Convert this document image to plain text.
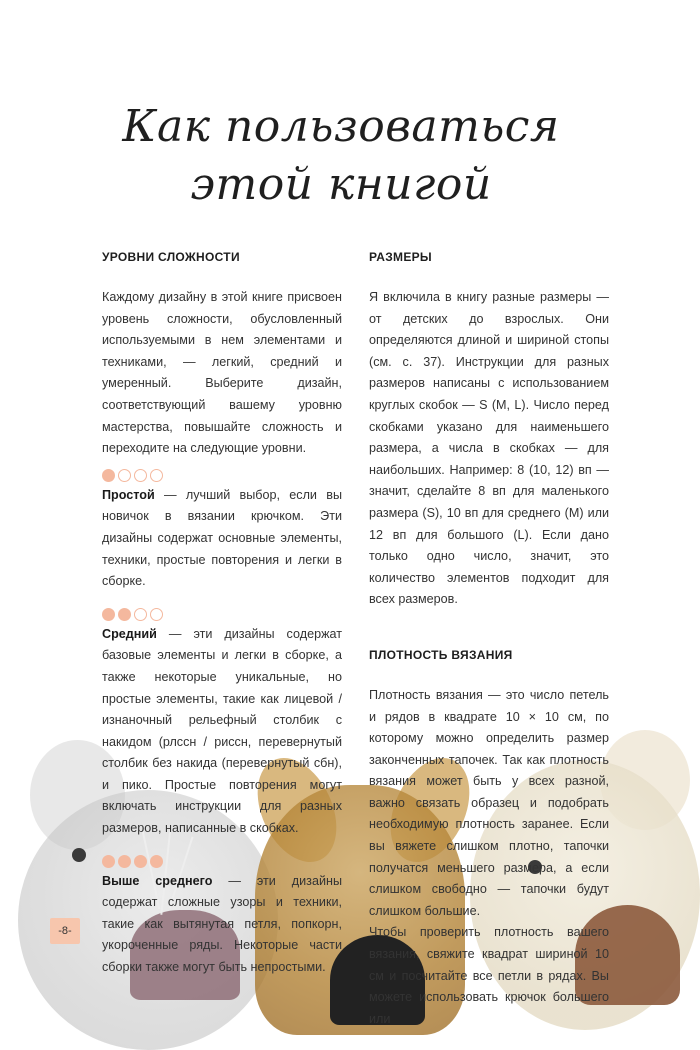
Как пользоваться
этой книгой
УРОВНИ СЛОЖНОСТИ

Каждому дизайну в этой книге присвоен уровень сложности, обусловленный используемыми в нем элементами и техниками, — легкий, средний и умеренный. Выберите дизайн, соответствующий вашему уровню мастерства, повышайте сложность и переходите на следующие уровни.

Простой — лучший выбор, если вы новичок в вязании крючком. Эти дизайны содержат основные элементы, техники, простые повторения и легки в сборке.

Средний — эти дизайны содержат базовые элементы и легки в сборке, а также некоторые уникальные, но простые элементы, такие как лицевой / изнаночный рельефный столбик с накидом (рлссн / рисcн, перевернутый столбик без накида (перевернутый сбн), и пико. Простые повторения могут включать инструкции для разных размеров, написанные в скобках.

Выше среднего — эти дизайны содержат сложные узоры и техники, такие как вытянутая петля, попкорн, укороченные ряды. Некоторые части сборки также могут быть непростыми.

РАЗМЕРЫ

Я включила в книгу разные размеры — от детских до взрослых. Они определяются длиной и шириной стопы (см. с. 37). Инструкции для разных размеров написаны с использованием круглых скобок — S (M, L). Число перед скобками указано для наименьшего размера, а числа в скобках — для наибольших. Например: 8 (10, 12) вп — значит, сделайте 8 вп для маленького размера (S), 10 вп для среднего (M) или 12 вп для большого (L). Если дано только одно число, значит, это количество элементов подходит для всех размеров.

ПЛОТНОСТЬ ВЯЗАНИЯ

Плотность вязания — это число петель и рядов в квадрате 10 × 10 см, по которому можно определить размер законченных тапочек. Так как плотность вязания может быть у всех разной, важно связать образец и подобрать необходимую плотность заранее. Если вы вяжете слишком плотно, тапочки получатся меньшего размера, а если слишком свободно — тапочки будут слишком большие.

Чтобы проверить плотность вашего вязания, свяжите квадрат шириной 10 см и посчитайте все петли в рядах. Вы можете использовать крючок большего или

-8-
